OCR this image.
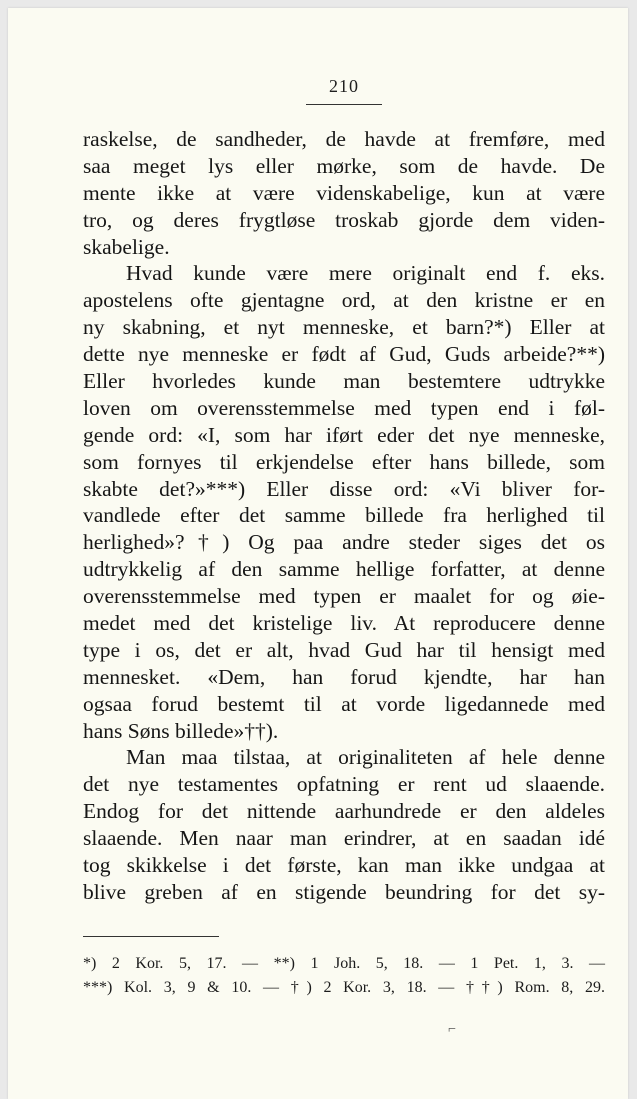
210
raskelse, de sandheder, de havde at fremføre, med
saa meget lys eller mørke, som de havde. De
mente ikke at være videnskabelige, kun at være
tro, og deres frygtløse troskab gjorde dem viden-
skabelige.
Hvad kunde være mere originalt end f. eks.
apostelens ofte gjentagne ord, at den kristne er en
ny skabning, et nyt menneske, et barn?*) Eller at
dette nye menneske er født af Gud, Guds arbeide?**)
Eller hvorledes kunde man bestemtere udtrykke
loven om overensstemmelse med typen end i føl-
gende ord: «I, som har iført eder det nye menneske,
som fornyes til erkjendelse efter hans billede, som
skabte det?»***) Eller disse ord: «Vi bliver for-
vandlede efter det samme billede fra herlighed til
herlighed»?†) Og paa andre steder siges det os
udtrykkelig af den samme hellige forfatter, at denne
overensstemmelse med typen er maalet for og øie-
medet med det kristelige liv. At reproducere denne
type i os, det er alt, hvad Gud har til hensigt med
mennesket. «Dem, han forud kjendte, har han
ogsaa forud bestemt til at vorde ligedannede med
hans Søns billede»††).
Man maa tilstaa, at originaliteten af hele denne
det nye testamentes opfatning er rent ud slaaende.
Endog for det nittende aarhundrede er den aldeles
slaaende. Men naar man erindrer, at en saadan idé
tog skikkelse i det første, kan man ikke undgaa at
blive greben af en stigende beundring for det sy-
*) 2 Kor. 5, 17. — **) 1 Joh. 5, 18. — 1 Pet. 1, 3. —
***) Kol. 3, 9 & 10. — †) 2 Kor. 3, 18. — ††) Rom. 8, 29.
⌐
